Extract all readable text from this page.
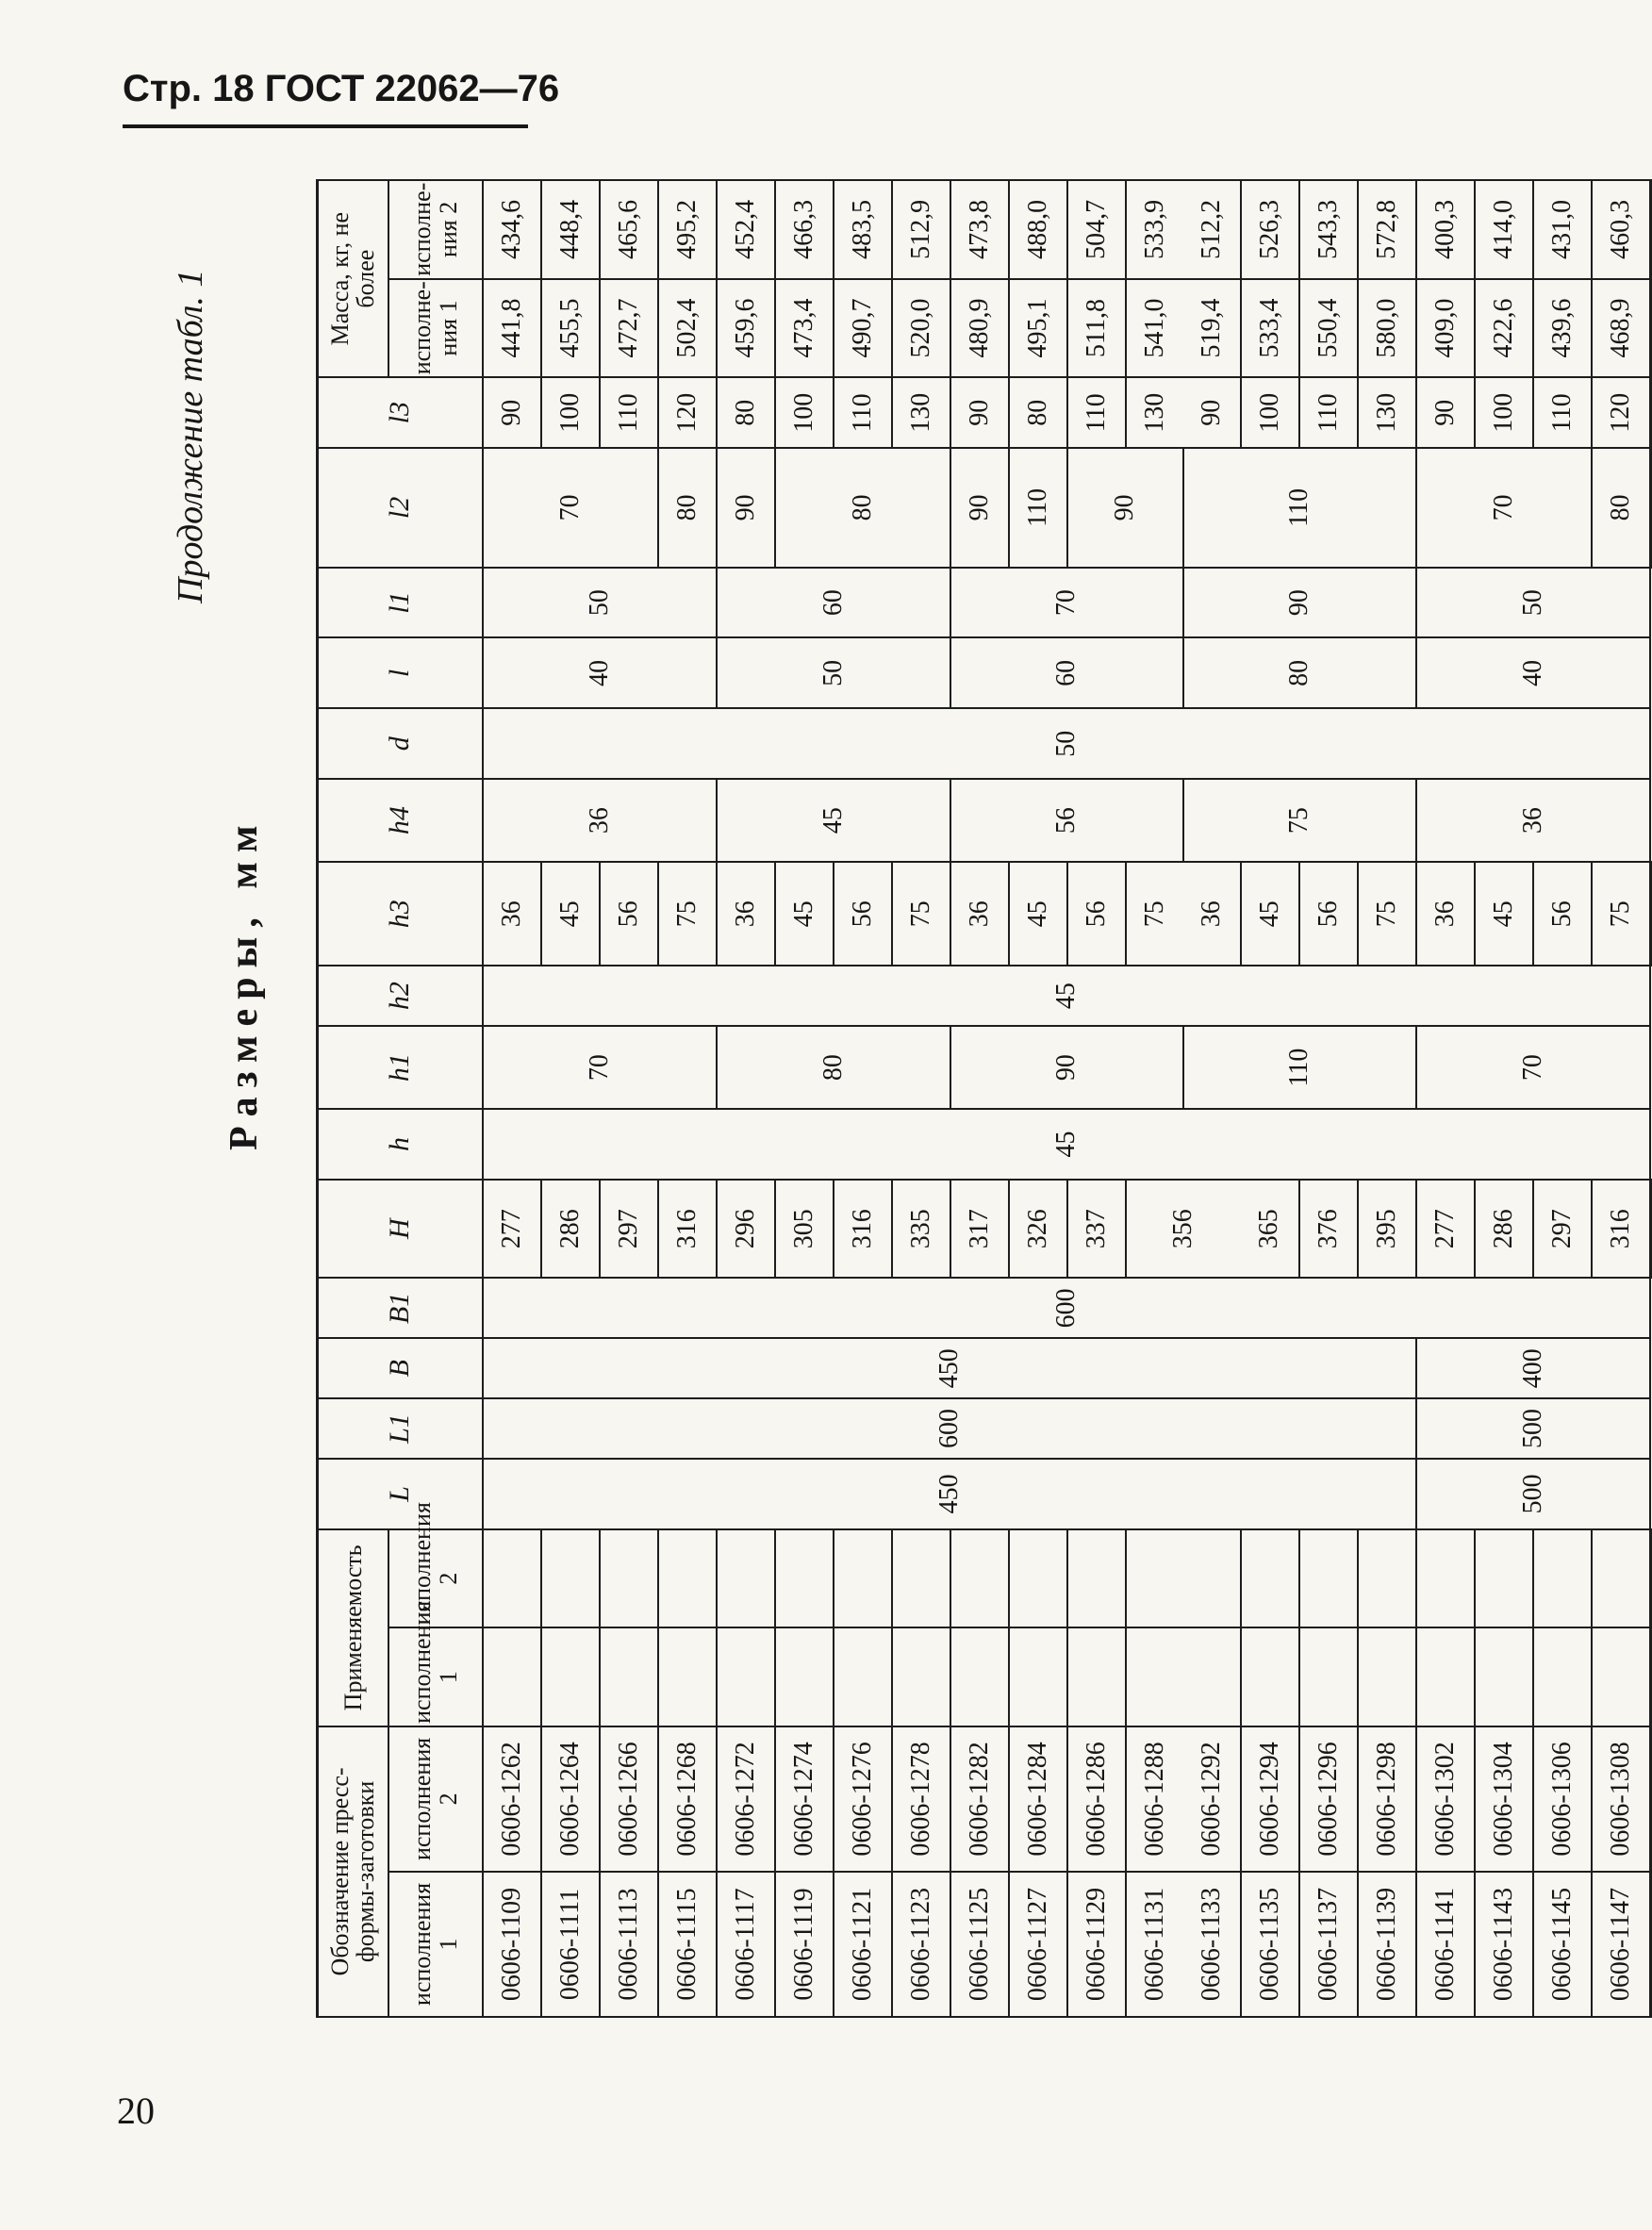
Стр. 18 ГОСТ 22062—76
20
Продолжение табл. 1
Размеры, мм
Обозначение пресс-формы-заготовки		Применяемость		L	L1	B	B1	H	h	h1	h2	h3	h4	d	l	l1	l2	l3	Масса, кг, не более	
исполнения 1	исполнения 2	исполнения 1	исполнения 2																исполне-ния 1	исполне-ния 2
0606-1109	0606-1262			450	600	450	600	277	45	70	45	36	36	50	40	50	70	90	441,8	434,6
0606-1111	0606-1264							286				45						100	455,5	448,4
0606-1113	0606-1266							297				56						110	472,7	465,6
0606-1115	0606-1268							316				75					80	120	502,4	495,2
0606-1117	0606-1272							296		80		36	45		50	60	90	80	459,6	452,4
0606-1119	0606-1274							305				45					80	100	473,4	466,3
0606-1121	0606-1276							316				56						110	490,7	483,5
0606-1123	0606-1278							335				75						130	520,0	512,9
0606-1125	0606-1282							317		90		36	56		60	70	90	90	480,9	473,8
0606-1127	0606-1284							326				45					110	80	495,1	488,0
0606-1129	0606-1286							337				56					90	110	511,8	504,7
0606-1131	0606-1288							356				75						130	541,0	533,9
0606-1133	0606-1292									110		36	75		80	90	110	90	519,4	512,2
0606-1135	0606-1294							365				45						100	533,4	526,3
0606-1137	0606-1296							376				56						110	550,4	543,3
0606-1139	0606-1298							395				75						130	580,0	572,8
0606-1141	0606-1302			500	500	400		277		70		36	36		40	50	70	90	409,0	400,3
0606-1143	0606-1304							286				45						100	422,6	414,0
0606-1145	0606-1306							297				56						110	439,6	431,0
0606-1147	0606-1308							316				75					80	120	468,9	460,3
